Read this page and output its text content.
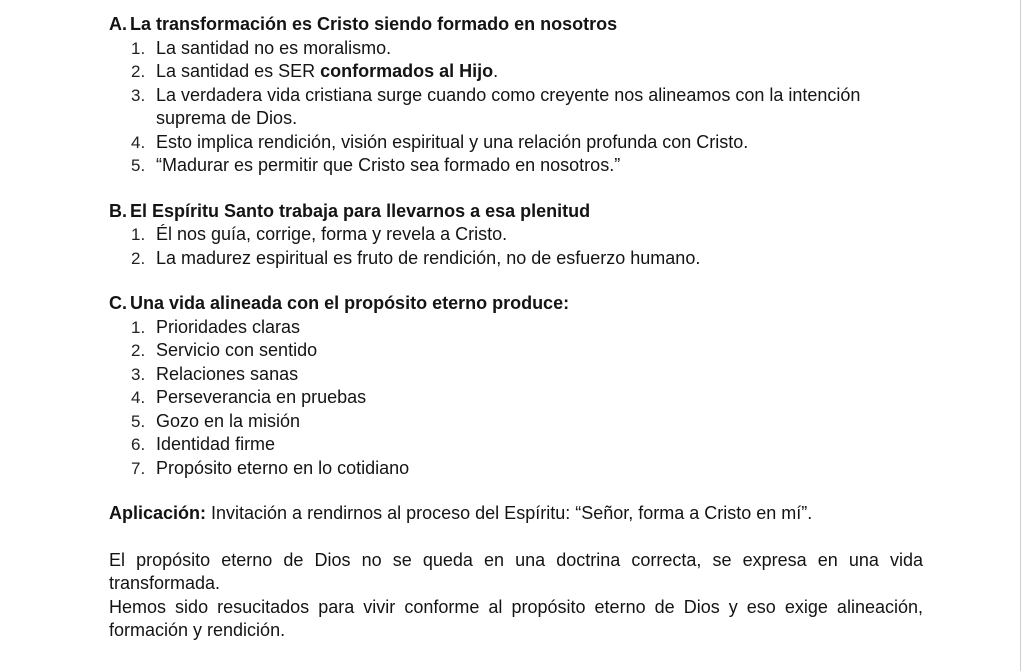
A. La transformación es Cristo siendo formado en nosotros
1. La santidad no es moralismo.
2. La santidad es SER conformados al Hijo.
3. La verdadera vida cristiana surge cuando como creyente nos alineamos con la intención suprema de Dios.
4. Esto implica rendición, visión espiritual y una relación profunda con Cristo.
5. “Madurar es permitir que Cristo sea formado en nosotros.”
B. El Espíritu Santo trabaja para llevarnos a esa plenitud
1. Él nos guía, corrige, forma y revela a Cristo.
2. La madurez espiritual es fruto de rendición, no de esfuerzo humano.
C. Una vida alineada con el propósito eterno produce:
1. Prioridades claras
2. Servicio con sentido
3. Relaciones sanas
4. Perseverancia en pruebas
5. Gozo en la misión
6. Identidad firme
7. Propósito eterno en lo cotidiano

Aplicación: Invitación a rendirnos al proceso del Espíritu: “Señor, forma a Cristo en mí”.

El propósito eterno de Dios no se queda en una doctrina correcta, se expresa en una vida transformada.

Hemos sido resucitados para vivir conforme al propósito eterno de Dios y eso exige alineación, formación y rendición.
